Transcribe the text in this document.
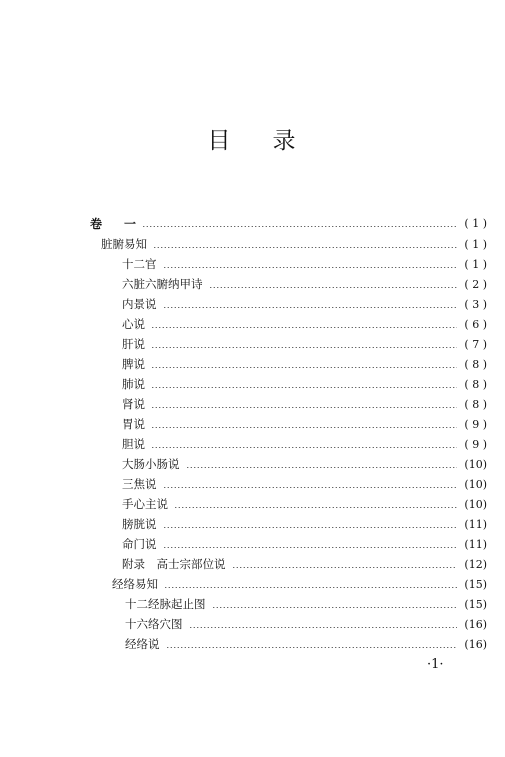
目 录
卷 一	( 1 )
脏腑易知	( 1 )
十二官	( 1 )
六脏六腑纳甲诗	( 2 )
内景说	( 3 )
心说	( 6 )
肝说	( 7 )
脾说	( 8 )
肺说	( 8 )
肾说	( 8 )
胃说	( 9 )
胆说	( 9 )
大肠小肠说	(10)
三焦说	(10)
手心主说	(10)
膀胱说	(11)
命门说	(11)
附录　高士宗部位说	(12)
经络易知	(15)
十二经脉起止图	(15)
十六络穴图	(16)
经络说	(16)
·1·
